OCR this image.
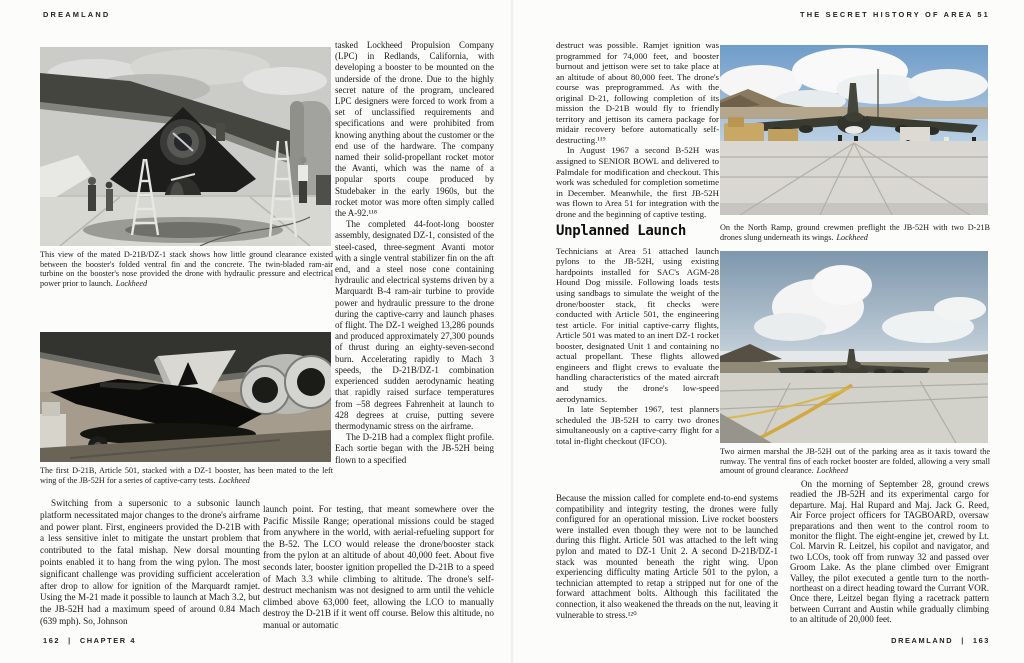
DREAMLAND	THE SECRET HISTORY OF AREA 51
This view of the mated D-21B/DZ-1 stack shows how little ground clearance existed between the booster's folded ventral fin and the concrete. The twin-bladed ram-air turbine on the booster's nose provided the drone with hydraulic pressure and electrical power prior to launch. Lockheed
The first D-21B, Article 501, stacked with a DZ-1 booster, has been mated to the left wing of the JB-52H for a series of captive-carry tests. Lockheed

tasked Lockheed Propulsion Company (LPC) in Redlands, California, with developing a booster to be mounted on the underside of the drone. Due to the highly secret nature of the program, uncleared LPC designers were forced to work from a set of unclassified requirements and specifications and were prohibited from knowing anything about the customer or the end use of the hardware. The company named their solid-propellant rocket motor the Avanti, which was the name of a popular sports coupe produced by Studebaker in the early 1960s, but the rocket motor was more often simply called the A-92.¹¹⁸

The completed 44-foot-long booster assembly, designated DZ-1, consisted of the steel-cased, three-segment Avanti motor with a single ventral stabilizer fin on the aft end, and a steel nose cone containing hydraulic and electrical systems driven by a Marquardt B-4 ram-air turbine to provide power and hydraulic pressure to the drone during the captive-carry and launch phases of flight. The DZ-1 weighed 13,286 pounds and produced approximately 27,300 pounds of thrust during an eighty-seven-second burn. Accelerating rapidly to Mach 3 speeds, the D-21B/DZ-1 combination experienced sudden aerodynamic heating that rapidly raised surface temperatures from –58 degrees Fahrenheit at launch to 428 degrees at cruise, putting severe thermodynamic stress on the airframe.

The D-21B had a complex flight profile. Each sortie began with the JB-52H being flown to a specified

Switching from a supersonic to a subsonic launch platform necessitated major changes to the drone's airframe and power plant. First, engineers provided the D-21B with a less sensitive inlet to mitigate the unstart problem that contributed to the fatal mishap. New dorsal mounting points enabled it to hang from the wing pylon. The most significant challenge was providing sufficient acceleration after drop to allow for ignition of the Marquardt ramjet. Using the M-21 made it possible to launch at Mach 3.2, but the JB-52H had a maximum speed of around 0.84 Mach (639 mph). So, Johnson

launch point. For testing, that meant somewhere over the Pacific Missile Range; operational missions could be staged from anywhere in the world, with aerial-refueling support for the B-52. The LCO would release the drone/booster stack from the pylon at an altitude of about 40,000 feet. About five seconds later, booster ignition propelled the D-21B to a speed of Mach 3.3 while climbing to altitude. The drone's self-destruct mechanism was not designed to arm until the vehicle climbed above 63,000 feet, allowing the LCO to manually destroy the D-21B if it went off course. Below this altitude, no manual or automatic

162 | CHAPTER 4

destruct was possible. Ramjet ignition was programmed for 74,000 feet, and booster burnout and jettison were set to take place at an altitude of about 80,000 feet. The drone's course was preprogrammed. As with the original D-21, following completion of its mission the D-21B would fly to friendly territory and jettison its camera package for midair recovery before automatically self-destructing.¹¹⁹

In August 1967 a second B-52H was assigned to SENIOR BOWL and delivered to Palmdale for modification and checkout. This work was scheduled for completion sometime in December. Meanwhile, the first JB-52H was flown to Area 51 for integration with the drone and the beginning of captive testing.

Unplanned Launch

Technicians at Area 51 attached launch pylons to the JB-52H, using existing hardpoints installed for SAC's AGM-28 Hound Dog missile. Following loads tests using sandbags to simulate the weight of the drone/booster stack, fit checks were conducted with Article 501, the engineering test article. For initial captive-carry flights, Article 501 was mated to an inert DZ-1 rocket booster, designated Unit 1 and containing no actual propellant. These flights allowed engineers and flight crews to evaluate the handling characteristics of the mated aircraft and study the drone's low-speed aerodynamics.

In late September 1967, test planners scheduled the JB-52H to carry two drones simultaneously on a captive-carry flight for a total in-flight checkout (IFCO).

On the North Ramp, ground crewmen preflight the JB-52H with two D-21B drones slung underneath its wings. Lockheed
Two airmen marshal the JB-52H out of the parking area as it taxis toward the runway. The ventral fins of each rocket booster are folded, allowing a very small amount of ground clearance. Lockheed

Because the mission called for complete end-to-end systems compatibility and integrity testing, the drones were fully configured for an operational mission. Live rocket boosters were installed even though they were not to be launched during this flight. Article 501 was attached to the left wing pylon and mated to DZ-1 Unit 2. A second D-21B/DZ-1 stack was mounted beneath the right wing. Upon experiencing difficulty mating Article 501 to the pylon, a technician attempted to retap a stripped nut for one of the forward attachment bolts. Although this facilitated the connection, it also weakened the threads on the nut, leaving it vulnerable to stress.¹²⁰

On the morning of September 28, ground crews readied the JB-52H and its experimental cargo for departure. Maj. Hal Rupard and Maj. Jack G. Reed, Air Force project officers for TAGBOARD, oversaw preparations and then went to the control room to monitor the flight. The eight-engine jet, crewed by Lt. Col. Marvin R. Leitzel, his copilot and navigator, and two LCOs, took off from runway 32 and passed over Groom Lake. As the plane climbed over Emigrant Valley, the pilot executed a gentle turn to the north-northeast on a direct heading toward the Currant VOR. Once there, Leitzel began flying a racetrack pattern between Currant and Austin while gradually climbing to an altitude of 20,000 feet.

DREAMLAND | 163
